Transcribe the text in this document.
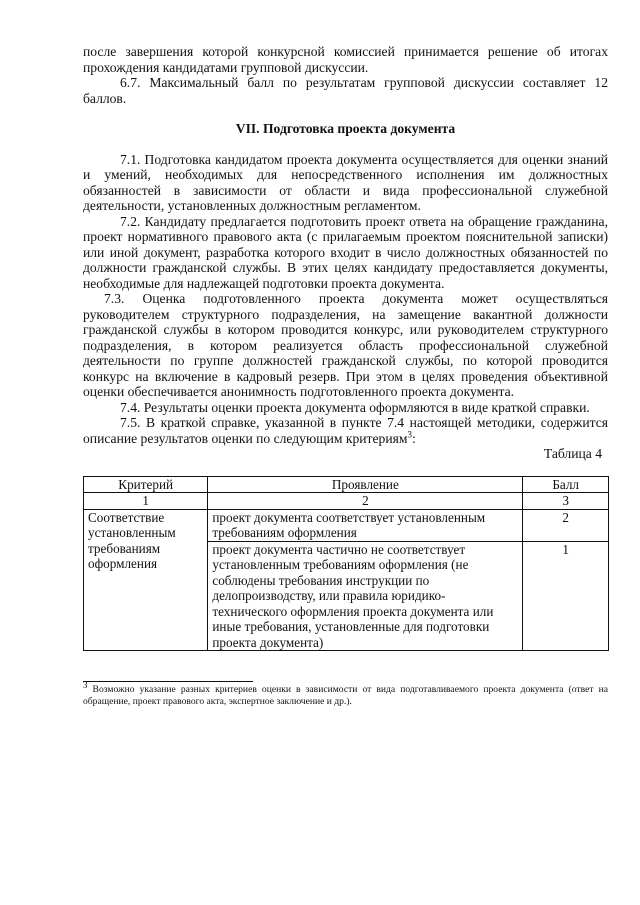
после завершения которой конкурсной комиссией принимается решение об итогах прохождения кандидатами групповой дискуссии.

6.7. Максимальный балл по результатам групповой дискуссии составляет 12 баллов.

VII. Подготовка проекта документа

7.1. Подготовка кандидатом проекта документа осуществляется для оценки знаний и умений, необходимых для непосредственного исполнения им должностных обязанностей в зависимости от области и вида профессиональной служебной деятельности, установленных должностным регламентом.

7.2. Кандидату предлагается подготовить проект ответа на обращение гражданина, проект нормативного правового акта (с прилагаемым проектом пояснительной записки) или иной документ, разработка которого входит в число должностных обязанностей по должности гражданской службы. В этих целях кандидату предоставляется документы, необходимые для надлежащей подготовки проекта документа.

7.3. Оценка подготовленного проекта документа может осуществляться руководителем структурного подразделения, на замещение вакантной должности гражданской службы в котором проводится конкурс, или руководителем структурного подразделения, в котором реализуется область профессиональной служебной деятельности по группе должностей гражданской службы, по которой проводится конкурс на включение в кадровый резерв. При этом в целях проведения объективной оценки обеспечивается анонимность подготовленного проекта документа.

7.4. Результаты оценки проекта документа оформляются в виде краткой справки.

7.5. В краткой справке, указанной в пункте 7.4 настоящей методики, содержится описание результатов оценки по следующим критериям$^3$:

Таблица 4

Критерий	Проявление	Балл
1	2	3
Соответствие установленным требованиям оформления	проект документа соответствует установленным требованиям оформления	2
	проект документа частично не соответствует установленным требованиям оформления (не соблюдены требования инструкции по делопроизводству, или правила юридико-технического оформления проекта документа или иные требования, установленные для подготовки проекта документа)	1

$^3$ Возможно указание разных критериев оценки в зависимости от вида подготавливаемого проекта документа (ответ на обращение, проект правового акта, экспертное заключение и др.).
